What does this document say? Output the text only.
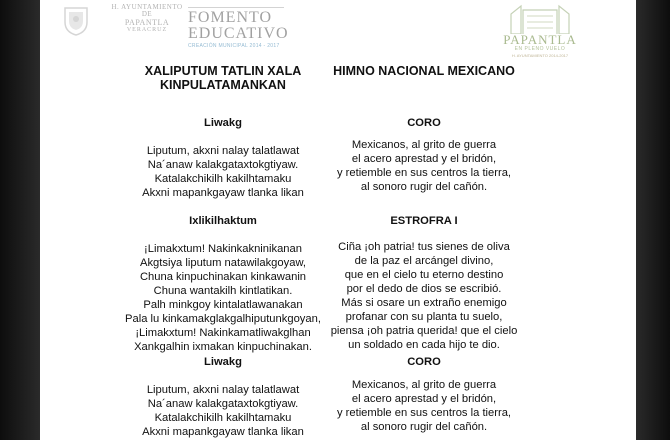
H. AYUNTAMIENTO DE
PAPANTLA
VERACRUZ
FOMENTO
EDUCATIVO
CREACIÓN MUNICIPAL 2014 - 2017	PAPANTLA
EN PLENO VUELO
H. AYUNTAMIENTO 2014-2017
XALIPUTUM TATLIN XALA
KINPULATAMANKAN
Liwakg
Liputum, akxni nalay talatlawat
Na´anaw kalakgataxtokgtiyaw.
Katalakchikilh kakilhtamaku
Akxni mapankgayaw tlanka likan
Ixlikilhaktum
¡Limakxtum! Nakinkakninikanan
Akgtsiya liputum natawilakgoyaw,
Chuna kinpuchinakan kinkawanin
Chuna wantakilh kintlatikan.
Palh minkgoy kintalatlawanakan
Pala lu kinkamakglakgalhiputunkgoyan,
¡Limakxtum! Nakinkamatliwakglhan
Xankgalhin ixmakan kinpuchinakan.
Liwakg
Liputum, akxni nalay talatlawat
Na´anaw kalakgataxtokgtiyaw.
Katalakchikilh kakilhtamaku
Akxni mapankgayaw tlanka likan
HIMNO NACIONAL MEXICANO
CORO
Mexicanos, al grito de guerra
el acero aprestad y el bridón,
y retiemble en sus centros la tierra,
al sonoro rugir del cañón.
ESTROFRA I
Ciña ¡oh patria! tus sienes de oliva
de la paz el arcángel divino,
que en el cielo tu eterno destino
por el dedo de dios se escribió.
Más si osare un extraño enemigo
profanar con su planta tu suelo,
piensa ¡oh patria querida! que el cielo
un soldado en cada hijo te dio.
CORO
Mexicanos, al grito de guerra
el acero aprestad y el bridón,
y retiemble en sus centros la tierra,
al sonoro rugir del cañón.
